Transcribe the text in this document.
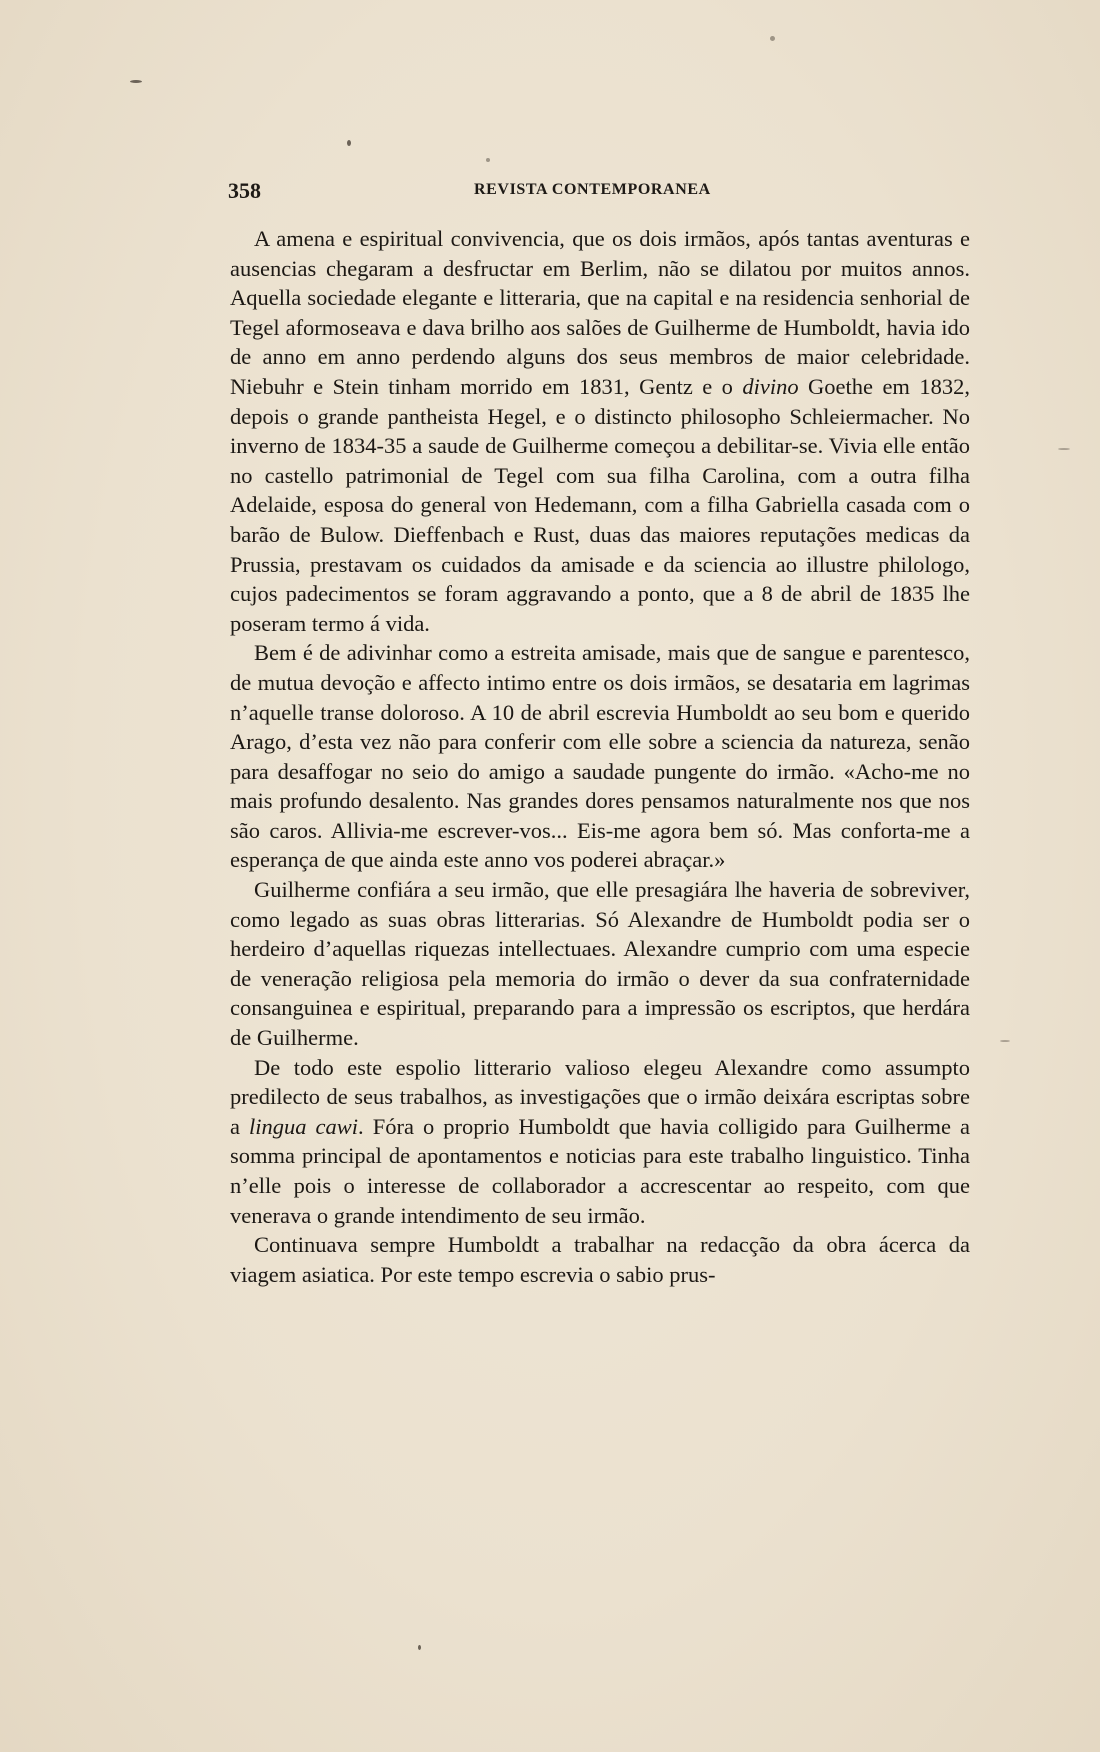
358	REVISTA CONTEMPORANEA

A amena e espiritual convivencia, que os dois irmãos, após tantas aventuras e ausencias chegaram a desfructar em Berlim, não se dilatou por muitos annos. Aquella sociedade elegante e litteraria, que na capital e na residencia senhorial de Tegel aformoseava e dava brilho aos salões de Guilherme de Humboldt, havia ido de anno em anno perdendo alguns dos seus membros de maior celebridade. Niebuhr e Stein tinham morrido em 1831, Gentz e o divino Goethe em 1832, depois o grande pantheista Hegel, e o distincto philosopho Schleiermacher. No inverno de 1834-35 a saude de Guilherme começou a debilitar-se. Vivia elle então no castello patrimonial de Tegel com sua filha Carolina, com a outra filha Adelaide, esposa do general von Hedemann, com a filha Gabriella casada com o barão de Bulow. Dieffenbach e Rust, duas das maiores reputações medicas da Prussia, prestavam os cuidados da amisade e da sciencia ao illustre philologo, cujos padecimentos se foram aggravando a ponto, que a 8 de abril de 1835 lhe poseram termo á vida.

Bem é de adivinhar como a estreita amisade, mais que de sangue e parentesco, de mutua devoção e affecto intimo entre os dois irmãos, se desataria em lagrimas n’aquelle transe doloroso. A 10 de abril escrevia Humboldt ao seu bom e querido Arago, d’esta vez não para conferir com elle sobre a sciencia da natureza, senão para desaffogar no seio do amigo a saudade pungente do irmão. «Acho-me no mais profundo desalento. Nas grandes dores pensamos naturalmente nos que nos são caros. Allivia-me escrever-vos... Eis-me agora bem só. Mas conforta-me a esperança de que ainda este anno vos poderei abraçar.»

Guilherme confiára a seu irmão, que elle presagiára lhe haveria de sobreviver, como legado as suas obras litterarias. Só Alexandre de Humboldt podia ser o herdeiro d’aquellas riquezas intellectuaes. Alexandre cumprio com uma especie de veneração religiosa pela memoria do irmão o dever da sua confraternidade consanguinea e espiritual, preparando para a impressão os escriptos, que herdára de Guilherme.

De todo este espolio litterario valioso elegeu Alexandre como assumpto predilecto de seus trabalhos, as investigações que o irmão deixára escriptas sobre a lingua cawi. Fóra o proprio Humboldt que havia colligido para Guilherme a somma principal de apontamentos e noticias para este trabalho linguistico. Tinha n’elle pois o interesse de collaborador a accrescentar ao respeito, com que venerava o grande intendimento de seu irmão.

Continuava sempre Humboldt a trabalhar na redacção da obra ácerca da viagem asiatica. Por este tempo escrevia o sabio prus-
